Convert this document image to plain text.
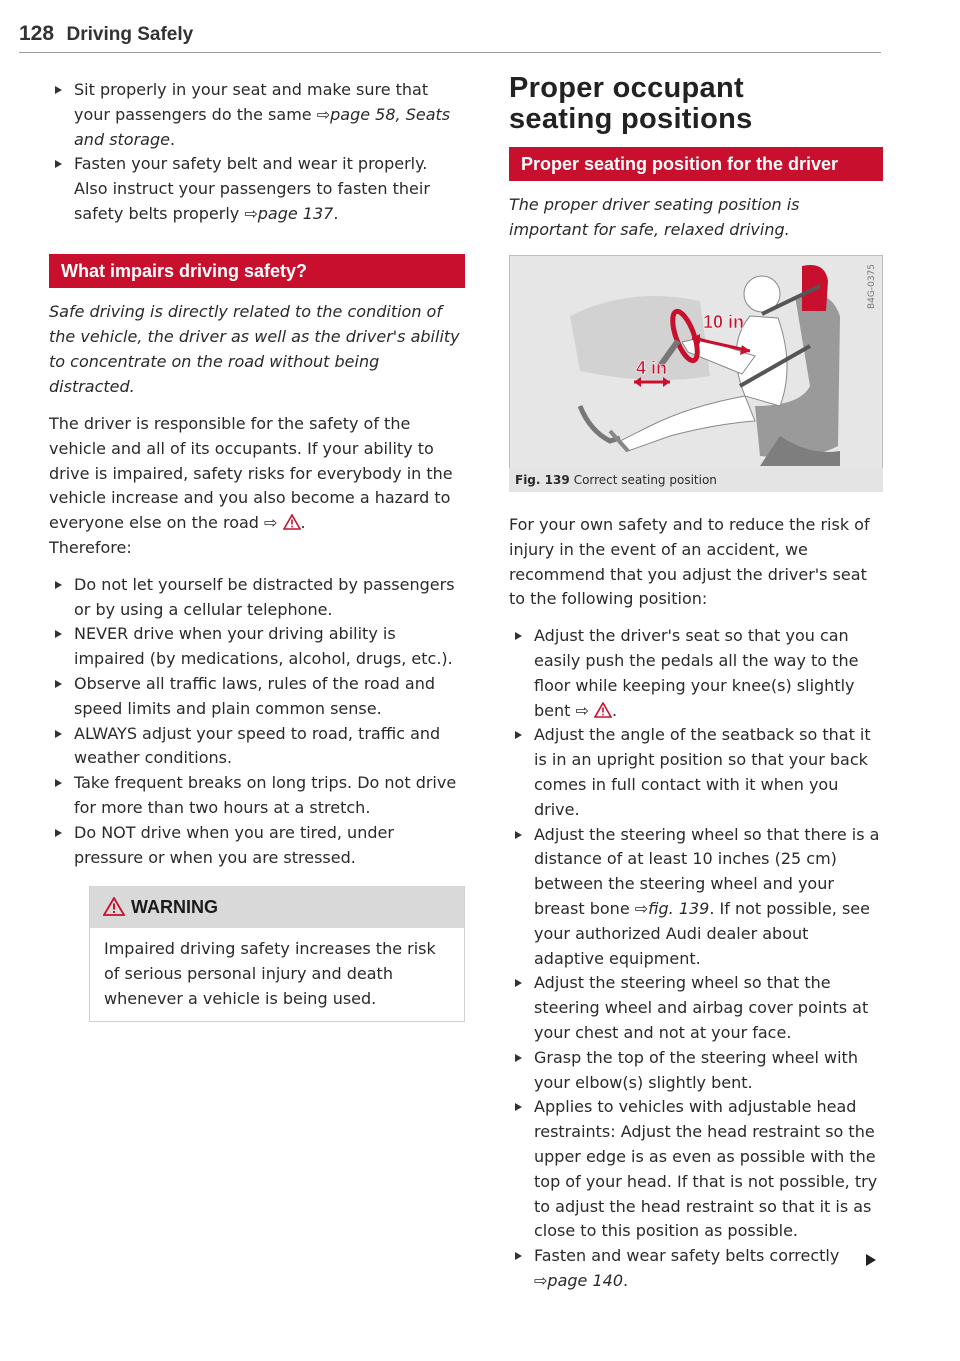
128 Driving Safely
Sit properly in your seat and make sure that your passengers do the same ⇨page 58, Seats and storage.
Fasten your safety belt and wear it properly. Also instruct your passengers to fasten their safety belts properly ⇨page 137.
What impairs driving safety?

Safe driving is directly related to the condition of the vehicle, the driver as well as the driver's ability to concentrate on the road without being distracted.

The driver is responsible for the safety of the vehicle and all of its occupants. If your ability to drive is impaired, safety risks for everybody in the vehicle increase and you also become a hazard to everyone else on the road ⇨ .

Therefore:

Do not let yourself be distracted by passengers or by using a cellular telephone.
NEVER drive when your driving ability is impaired (by medications, alcohol, drugs, etc.).
Observe all traffic laws, rules of the road and speed limits and plain common sense.
ALWAYS adjust your speed to road, traffic and weather conditions.
Take frequent breaks on long trips. Do not drive for more than two hours at a stretch.
Do NOT drive when you are tired, under pressure or when you are stressed.
WARNING
Impaired driving safety increases the risk of serious personal injury and death whenever a vehicle is being used.
Proper occupant
seating positions
Proper seating position for the driver

The proper driver seating position is important for safe, relaxed driving.

10 in
4 in
B4G-0375
Fig. 139 Correct seating position

For your own safety and to reduce the risk of injury in the event of an accident, we recommend that you adjust the driver's seat to the following position:

Adjust the driver's seat so that you can easily push the pedals all the way to the floor while keeping your knee(s) slightly bent ⇨ .
Adjust the angle of the seatback so that it is in an upright position so that your back comes in full contact with it when you drive.
Adjust the steering wheel so that there is a distance of at least 10 inches (25 cm) between the steering wheel and your breast bone ⇨fig. 139. If not possible, see your authorized Audi dealer about adaptive equipment.
Adjust the steering wheel so that the steering wheel and airbag cover points at your chest and not at your face.
Grasp the top of the steering wheel with your elbow(s) slightly bent.
Applies to vehicles with adjustable head restraints: Adjust the head restraint so the upper edge is as even as possible with the top of your head. If that is not possible, try to adjust the head restraint so that it is as close to this position as possible.
Fasten and wear safety belts correctly ⇨page 140.
